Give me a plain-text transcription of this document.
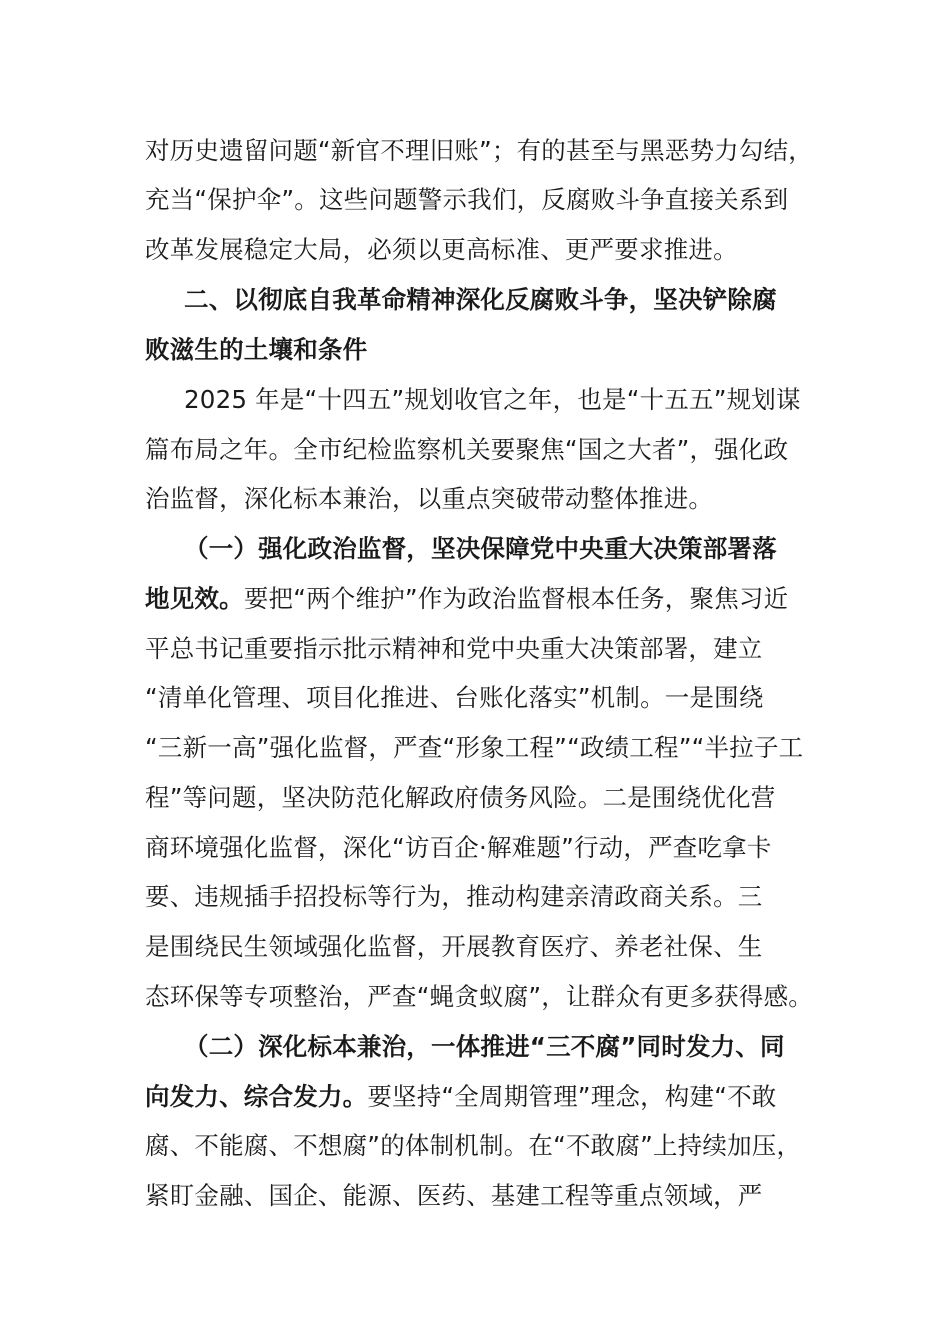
对历史遗留问题“新官不理旧账”；有的甚至与黑恶势力勾结，
充当“保护伞”。这些问题警示我们，反腐败斗争直接关系到
改革发展稳定大局，必须以更高标准、更严要求推进。
二、以彻底自我革命精神深化反腐败斗争，坚决铲除腐
败滋生的土壤和条件
2025 年是“十四五”规划收官之年，也是“十五五”规划谋
篇布局之年。全市纪检监察机关要聚焦“国之大者”，强化政
治监督，深化标本兼治，以重点突破带动整体推进。
（一）强化政治监督，坚决保障党中央重大决策部署落
地见效。要把“两个维护”作为政治监督根本任务，聚焦习近
平总书记重要指示批示精神和党中央重大决策部署，建立
“清单化管理、项目化推进、台账化落实”机制。一是围绕
“三新一高”强化监督，严查“形象工程”“政绩工程”“半拉子工
程”等问题，坚决防范化解政府债务风险。二是围绕优化营
商环境强化监督，深化“访百企·解难题”行动，严查吃拿卡
要、违规插手招投标等行为，推动构建亲清政商关系。三
是围绕民生领域强化监督，开展教育医疗、养老社保、生
态环保等专项整治，严查“蝇贪蚁腐”，让群众有更多获得感。
（二）深化标本兼治，一体推进“三不腐”同时发力、同
向发力、综合发力。要坚持“全周期管理”理念，构建“不敢
腐、不能腐、不想腐”的体制机制。在“不敢腐”上持续加压，
紧盯金融、国企、能源、医药、基建工程等重点领域，严
